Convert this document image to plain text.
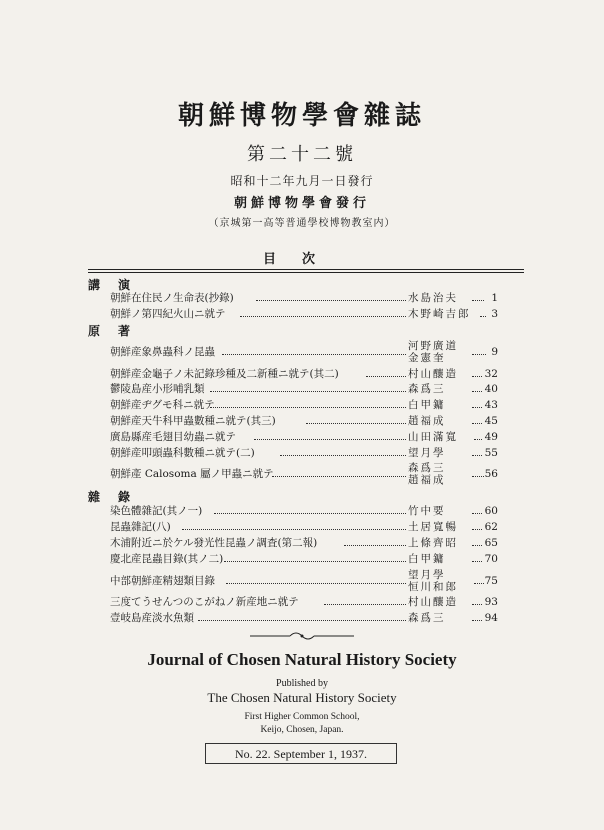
朝鮮博物學會雜誌
第二十二號
昭和十二年九月一日發行
朝鮮博物學會發行
（京城第一高等普通學校博物教室内）
目次
講演
朝鮮在住民ノ生命表(抄錄)	水島治夫	1
朝鮮ノ第四紀火山ニ就テ	木野崎吉郎 3
原著
朝鮮産象鼻蟲科ノ昆蟲	河野廣道
金憲奎	9
朝鮮産金龜子ノ未記錄珍種及二新種ニ就テ(其二)	村山釀造	32
鬱陵島産小形哺乳類	森爲三	40
朝鮮産ヂグモ科ニ就テ	白甲鏞	43
朝鮮産天牛科甲蟲數種ニ就テ(其三)	趙福成	45
廣島縣産毛翅目幼蟲ニ就テ	山田滿寬	49
朝鮮産叩頭蟲科數種ニ就テ(二)	望月學	55
朝鮮產 Calosoma 屬ノ甲蟲ニ就テ	森爲三
趙福成	56
雜錄
染色體雜記(其ノ一)	竹中要	60
昆蟲雜記(八)	土居寬暢	62
木浦附近ニ於ケル發光性昆蟲ノ調査(第二報)	上條齊昭	65
慶北産昆蟲目錄(其ノ二)	白甲鏞	70
中部朝鮮產精翅類目錄	望月學
恒川和郎	75
三度てうせんつのこがねノ新産地ニ就テ	村山釀造	93
壹岐島産淡水魚類	森爲三	94
Journal of Chosen Natural History Society
Published by
The Chosen Natural History Society
First Higher Common School,
Keijo, Chosen, Japan.
No. 22. September 1, 1937.
